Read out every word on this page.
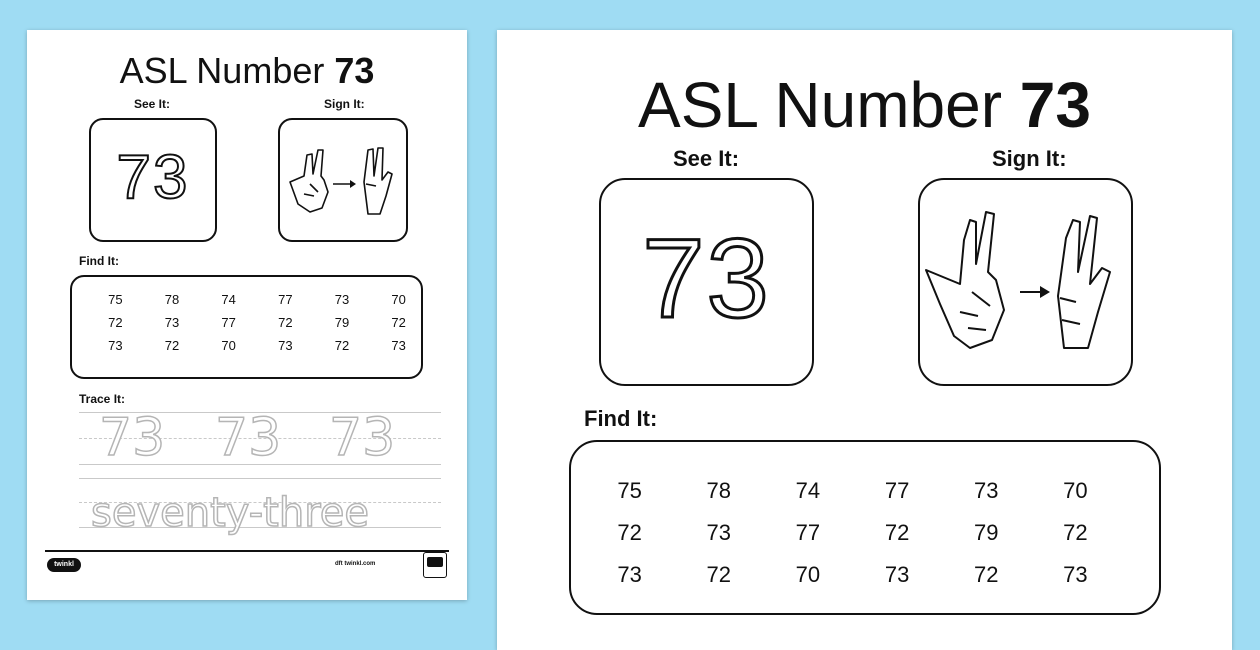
ASL Number 73
See It:	Sign It:
73
Find It:
75	78	74	77	73	70
72	73	77	72	79	72
73	72	70	73	72	73
Trace It:
73 73 73
seventy-three
twinkl	dft twinkl.com
ASL Number 73
See It:	Sign It:
73
Find It:
75	78	74	77	73	70
72	73	77	72	79	72
73	72	70	73	72	73
